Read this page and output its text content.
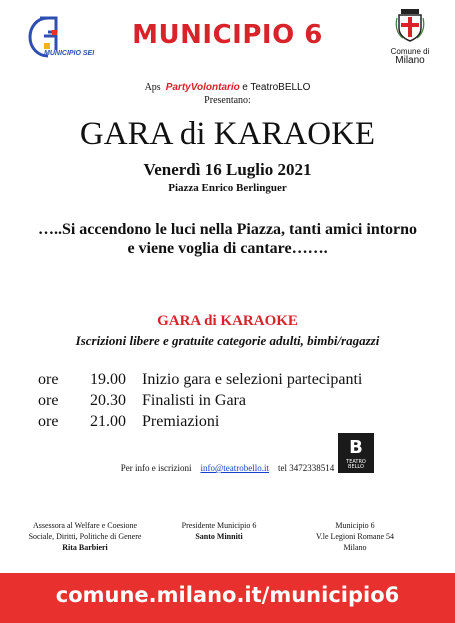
MUNICIPIO SEI
MUNICIPIO 6
Comune di
Milano
Aps PartyVolontario e TeatroBELLO
Presentano:
GARA di KARAOKE
Venerdì 16 Luglio 2021
Piazza Enrico Berlinguer
…..Si accendono le luci nella Piazza, tanti amici intorno
e viene voglia di cantare…….
GARA di KARAOKE
Iscrizioni libere e gratuite categorie adulti, bimbi/ragazzi
ore 19.00 Inizio gara e selezioni partecipanti
ore 20.30 Finalisti in Gara
ore 21.00 Premiazioni
B
TEATRO BELLO
Per info e iscrizioni info@teatrobello.it tel 3472338514
Assessora al Welfare e Coesione
Sociale, Diritti, Politiche di Genere
Rita Barbieri
Presidente Municipio 6
Santo Minniti
Municipio 6
V.le Legioni Romane 54
Milano
comune.milano.it/municipio6
